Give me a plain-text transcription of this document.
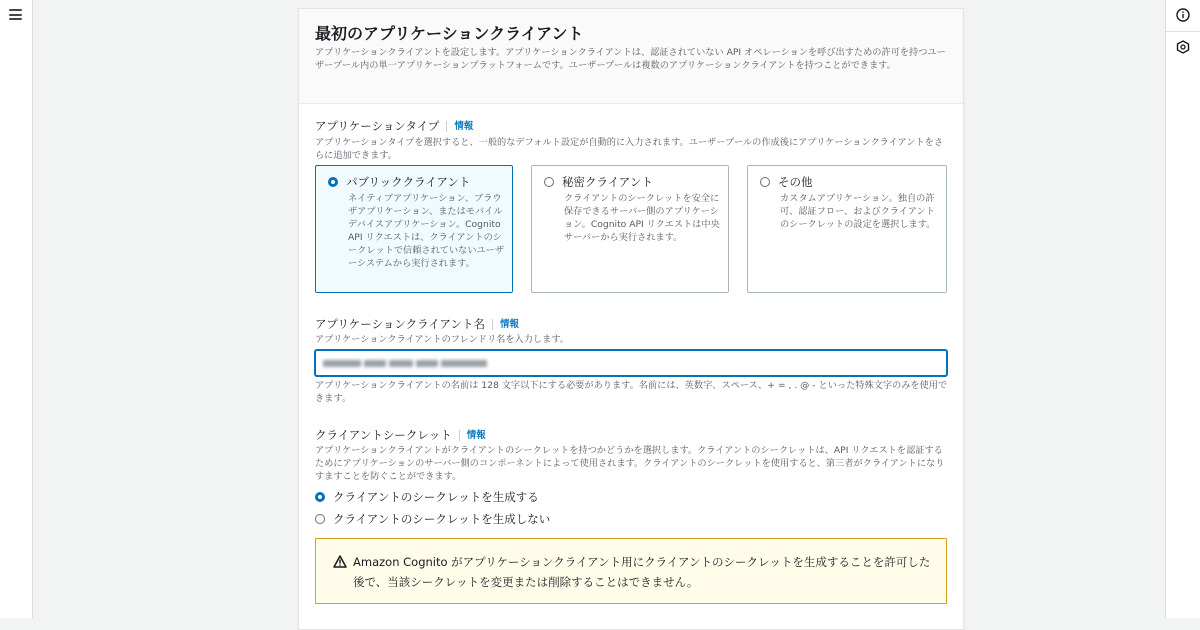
最初のアプリケーションクライアント
アプリケーションクライアントを設定します。アプリケーションクライアントは、認証されていない API オペレーションを呼び出すための許可を持つユーザープール内の単一アプリケーションプラットフォームです。ユーザープールは複数のアプリケーションクライアントを持つことができます。
アプリケーションタイプ	情報
アプリケーションタイプを選択すると、一般的なデフォルト設定が自動的に入力されます。ユーザープールの作成後にアプリケーションクライアントをさらに追加できます。
パブリッククライアント
ネイティブアプリケーション、ブラウザアプリケーション、またはモバイルデバイスアプリケーション。Cognito API リクエストは、クライアントのシークレットで信頼されていないユーザーシステムから実行されます。
秘密クライアント
クライアントのシークレットを安全に保存できるサーバー側のアプリケーション。Cognito API リクエストは中央サーバーから実行されます。
その他
カスタムアプリケーション。独自の許可、認証フロー、およびクライアントのシークレットの設定を選択します。
アプリケーションクライアント名	情報
アプリケーションクライアントのフレンドリ名を入力します。
アプリケーションクライアントの名前は 128 文字以下にする必要があります。名前には、英数字、スペース、+ = , . @ - といった特殊文字のみを使用できます。
クライアントシークレット	情報
アプリケーションクライアントがクライアントのシークレットを持つかどうかを選択します。クライアントのシークレットは、API リクエストを認証するためにアプリケーションのサーバー側のコンポーネントによって使用されます。クライアントのシークレットを使用すると、第三者がクライアントになりすますことを防ぐことができます。
クライアントのシークレットを生成する
クライアントのシークレットを生成しない
Amazon Cognito がアプリケーションクライアント用にクライアントのシークレットを生成することを許可した後で、当該シークレットを変更または削除することはできません。
